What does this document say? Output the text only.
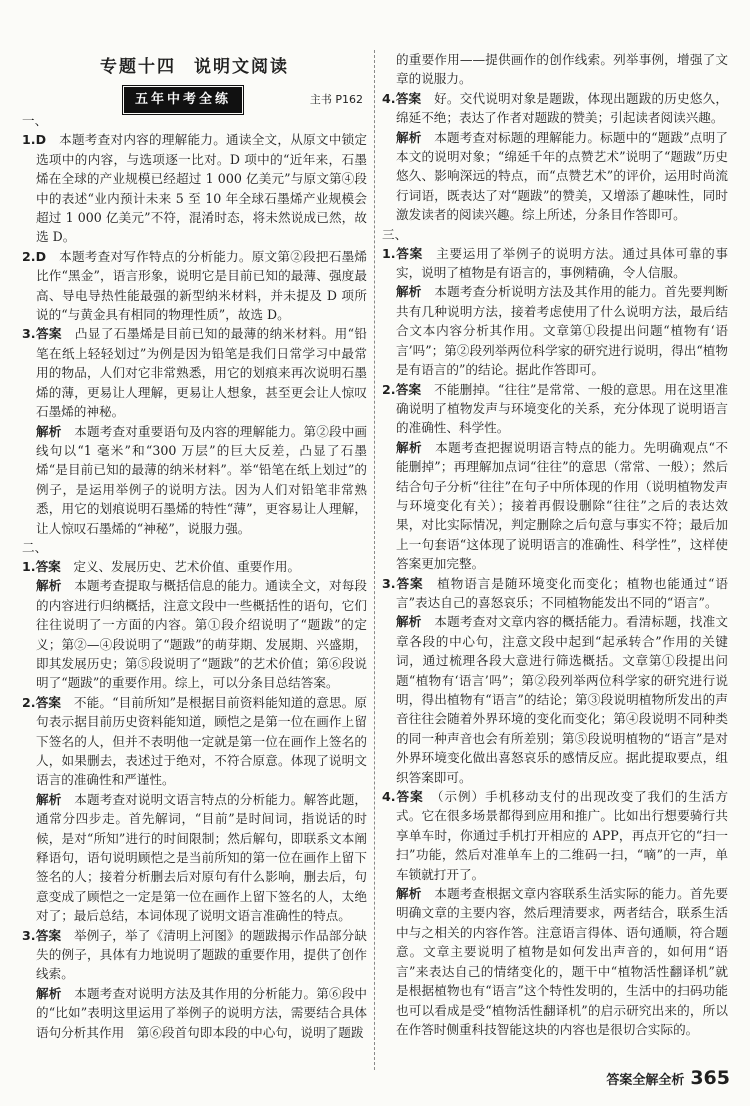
专题十四 说明文阅读
五年中考全练	主书 P162

一、

1.D　 本题考查对内容的理解能力。通读全文，从原文中锁定选项中的内容，与选项逐一比对。D 项中的“近年来，石墨烯在全球的产业规模已经超过 1 000 亿美元”与原文第④段中的表述“业内预计未来 5 至 10 年全球石墨烯产业规模会超过 1 000 亿美元”不符，混淆时态，将未然说成已然，故选 D。

2.D　 本题考查对写作特点的分析能力。原文第②段把石墨烯比作“黑金”，语言形象，说明它是目前已知的最薄、强度最高、导电导热性能最强的新型纳米材料，并未提及 D 项所说的“与黄金具有相同的物理性质”，故选 D。

3.答案　 凸显了石墨烯是目前已知的最薄的纳米材料。用“铅笔在纸上轻轻划过”为例是因为铅笔是我们日常学习中最常用的物品，人们对它非常熟悉，用它的划痕来再次说明石墨烯的薄，更易让人理解，更易让人想象，甚至更会让人惊叹石墨烯的神秘。

解析　 本题考查对重要语句及内容的理解能力。第②段中画线句以“1 毫米”和“300 万层”的巨大反差，凸显了石墨烯“是目前已知的最薄的纳米材料”。举“铅笔在纸上划过”的例子，是运用举例子的说明方法。因为人们对铅笔非常熟悉，用它的划痕说明石墨烯的特性“薄”，更容易让人理解，让人惊叹石墨烯的“神秘”，说服力强。

二、

1.答案　 定义、发展历史、艺术价值、重要作用。

解析　 本题考查提取与概括信息的能力。通读全文，对每段的内容进行归纳概括，注意文段中一些概括性的语句，它们往往说明了一方面的内容。第①段介绍说明了“题跋”的定义；第②—④段说明了“题跋”的萌芽期、发展期、兴盛期，即其发展历史；第⑤段说明了“题跋”的艺术价值；第⑥段说明了“题跋”的重要作用。综上，可以分条目总结答案。

2.答案　 不能。“目前所知”是根据目前资料能知道的意思。原句表示据目前历史资料能知道，顾恺之是第一位在画作上留下签名的人，但并不表明他一定就是第一位在画作上签名的人，如果删去，表述过于绝对，不符合原意。体现了说明文语言的准确性和严谨性。

解析　 本题考查对说明文语言特点的分析能力。解答此题，通常分四步走。首先解词，“目前”是时间词，指说话的时候，是对“所知”进行的时间限制；然后解句，即联系文本阐释语句，语句说明顾恺之是当前所知的第一位在画作上留下签名的人；接着分析删去后对原句有什么影响，删去后，句意变成了顾恺之一定是第一位在画作上留下签名的人，太绝对了；最后总结，本词体现了说明文语言准确性的特点。

3.答案　 举例子，举了《清明上河图》的题跋揭示作品部分缺失的例子，具体有力地说明了题跋的重要作用，提供了创作线索。

解析　 本题考查对说明方法及其作用的分析能力。第⑥段中的“比如”表明这里运用了举例子的说明方法，需要结合具体语句分析其作用　第⑥段首句即本段的中心句，说明了题跋

的重要作用——提供画作的创作线索。列举事例，增强了文章的说服力。

4.答案　 好。交代说明对象是题跋，体现出题跋的历史悠久，绵延不绝；表达了作者对题跋的赞美；引起读者阅读兴趣。

解析　 本题考查对标题的理解能力。标题中的“题跋”点明了本文的说明对象；“绵延千年的点赞艺术”说明了“题跋”历史悠久、影响深远的特点，而“点赞艺术”的评价，运用时尚流行词语，既表达了对“题跋”的赞美，又增添了趣味性，同时激发读者的阅读兴趣。综上所述，分条目作答即可。

三、

1.答案　 主要运用了举例子的说明方法。通过具体可靠的事实，说明了植物是有语言的，事例精确，令人信服。

解析　 本题考查分析说明方法及其作用的能力。首先要判断共有几种说明方法，接着考虑使用了什么说明方法，最后结合文本内容分析其作用。文章第①段提出问题“植物有‘语言’吗”；第②段列举两位科学家的研究进行说明，得出“植物是有语言的”的结论。据此作答即可。

2.答案　 不能删掉。“往往”是常常、一般的意思。用在这里准确说明了植物发声与环境变化的关系，充分体现了说明语言的准确性、科学性。

解析　 本题考查把握说明语言特点的能力。先明确观点“不能删掉”；再理解加点词“往往”的意思（常常、一般）；然后结合句子分析“往往”在句子中所体现的作用（说明植物发声与环境变化有关）；接着再假设删除“往往”之后的表达效果，对比实际情况，判定删除之后句意与事实不符；最后加上一句套语“这体现了说明语言的准确性、科学性”，这样使答案更加完整。

3.答案　 植物语言是随环境变化而变化；植物也能通过“语言”表达自己的喜怒哀乐；不同植物能发出不同的“语言”。

解析　 本题考查对文章内容的概括能力。看清标题，找准文章各段的中心句，注意文段中起到“起承转合”作用的关键词，通过梳理各段大意进行筛选概括。文章第①段提出问题“植物有‘语言’吗”；第②段列举两位科学家的研究进行说明，得出植物有“语言”的结论；第③段说明植物所发出的声音往往会随着外界环境的变化而变化；第④段说明不同种类的同一种声音也会有所差别；第⑤段说明植物的“语言”是对外界环境变化做出喜怒哀乐的感情反应。据此提取要点，组织答案即可。

4.答案　 （示例）手机移动支付的出现改变了我们的生活方式。它在很多场景都得到应用和推广。比如出行想要骑行共享单车时，你通过手机打开相应的 APP，再点开它的“扫一扫”功能，然后对准单车上的二维码一扫，“嘀”的一声，单车锁就打开了。

解析　 本题考查根据文章内容联系生活实际的能力。首先要明确文章的主要内容，然后理清要求，两者结合，联系生活中与之相关的内容作答。注意语言得体、语句通顺，符合题意。文章主要说明了植物是如何发出声音的，如何用“语言”来表达自己的情绪变化的，题干中“植物活性翻译机”就是根据植物也有“语言”这个特性发明的，生活中的扫码功能也可以看成是受“植物活性翻译机”的启示研究出来的，所以在作答时侧重科技智能这块的内容也是很切合实际的。

答案全解全析 365
